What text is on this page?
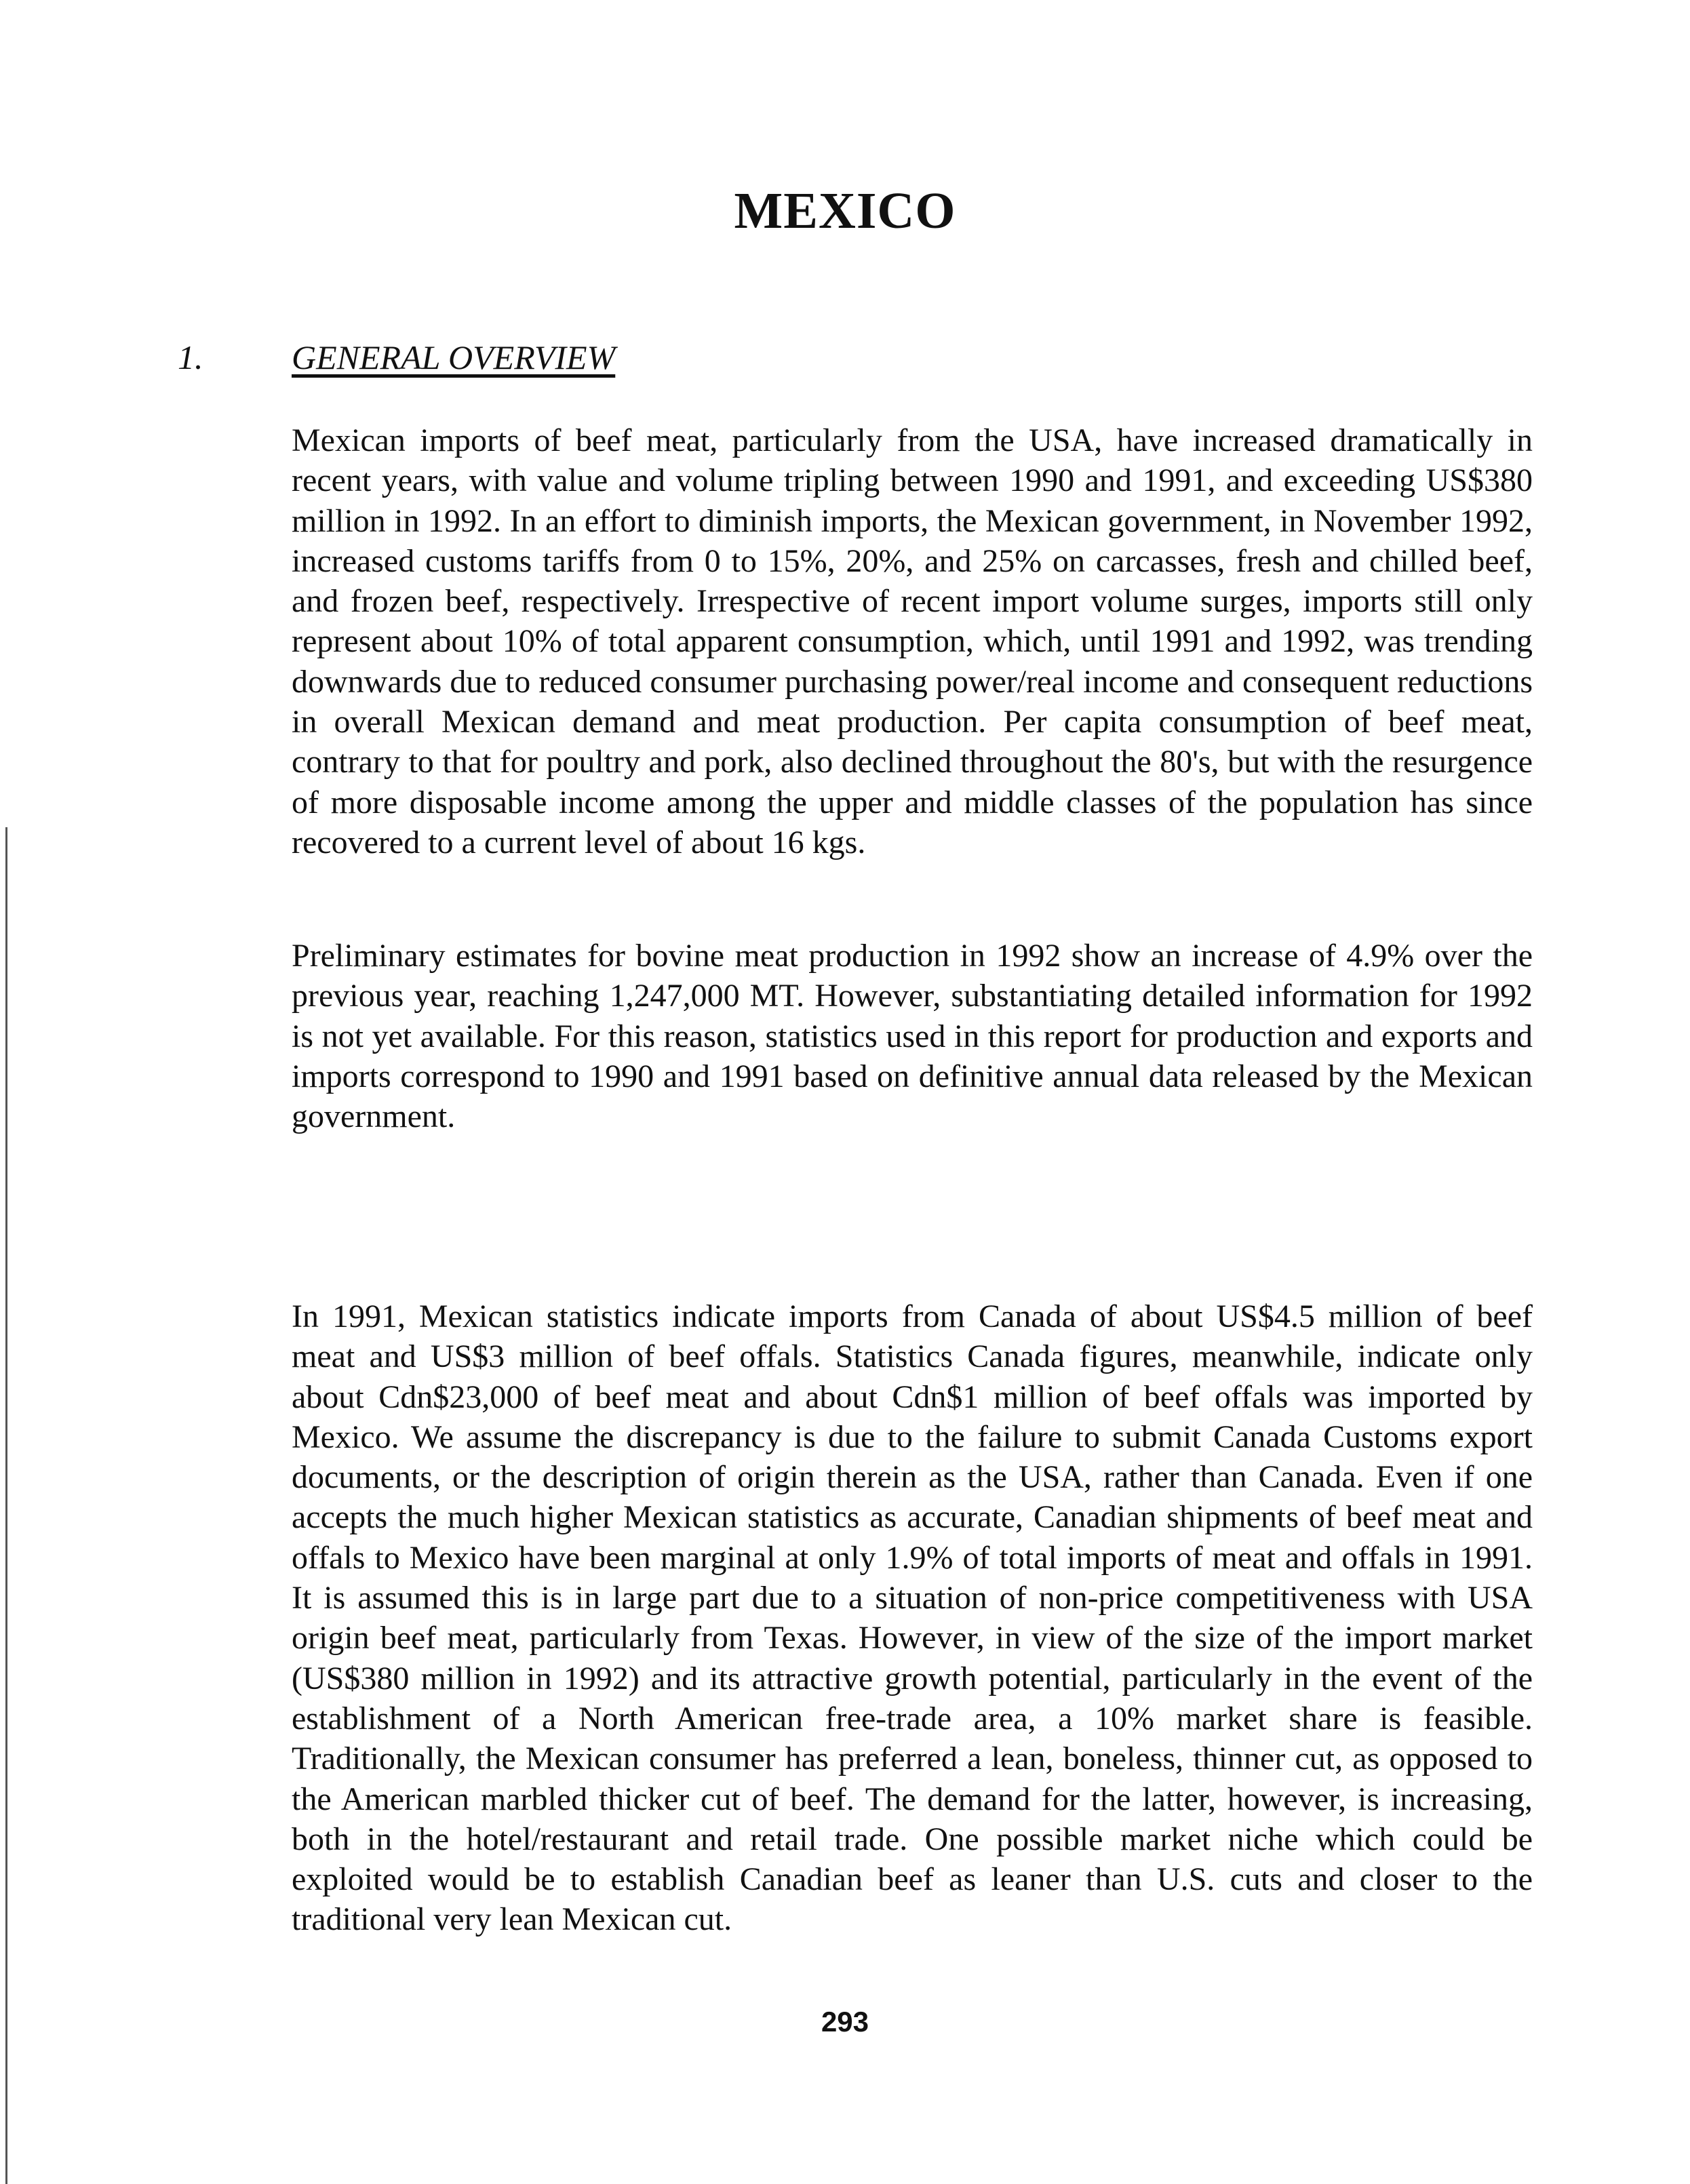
MEXICO
1.	GENERAL OVERVIEW

Mexican imports of beef meat, particularly from the USA, have increased dramatically in recent years, with value and volume tripling between 1990 and 1991, and exceeding US$380 million in 1992. In an effort to diminish imports, the Mexican government, in November 1992, increased customs tariffs from 0 to 15%, 20%, and 25% on carcasses, fresh and chilled beef, and frozen beef, respectively. Irrespective of recent import volume surges, imports still only represent about 10% of total apparent consumption, which, until 1991 and 1992, was trending downwards due to reduced consumer purchasing power/real income and consequent reductions in overall Mexican demand and meat production. Per capita consumption of beef meat, contrary to that for poultry and pork, also declined throughout the 80's, but with the resurgence of more disposable income among the upper and middle classes of the population has since recovered to a current level of about 16 kgs.

Preliminary estimates for bovine meat production in 1992 show an increase of 4.9% over the previous year, reaching 1,247,000 MT. However, substantiating detailed information for 1992 is not yet available. For this reason, statistics used in this report for production and exports and imports correspond to 1990 and 1991 based on definitive annual data released by the Mexican government.

In 1991, Mexican statistics indicate imports from Canada of about US$4.5 million of beef meat and US$3 million of beef offals. Statistics Canada figures, meanwhile, indicate only about Cdn$23,000 of beef meat and about Cdn$1 million of beef offals was imported by Mexico. We assume the discrepancy is due to the failure to submit Canada Customs export documents, or the description of origin therein as the USA, rather than Canada. Even if one accepts the much higher Mexican statistics as accurate, Canadian shipments of beef meat and offals to Mexico have been marginal at only 1.9% of total imports of meat and offals in 1991. It is assumed this is in large part due to a situation of non-price competitiveness with USA origin beef meat, particularly from Texas. However, in view of the size of the import market (US$380 million in 1992) and its attractive growth potential, particularly in the event of the establishment of a North American free-trade area, a 10% market share is feasible. Traditionally, the Mexican consumer has preferred a lean, boneless, thinner cut, as opposed to the American marbled thicker cut of beef. The demand for the latter, however, is increasing, both in the hotel/restaurant and retail trade. One possible market niche which could be exploited would be to establish Canadian beef as leaner than U.S. cuts and closer to the traditional very lean Mexican cut.

293
